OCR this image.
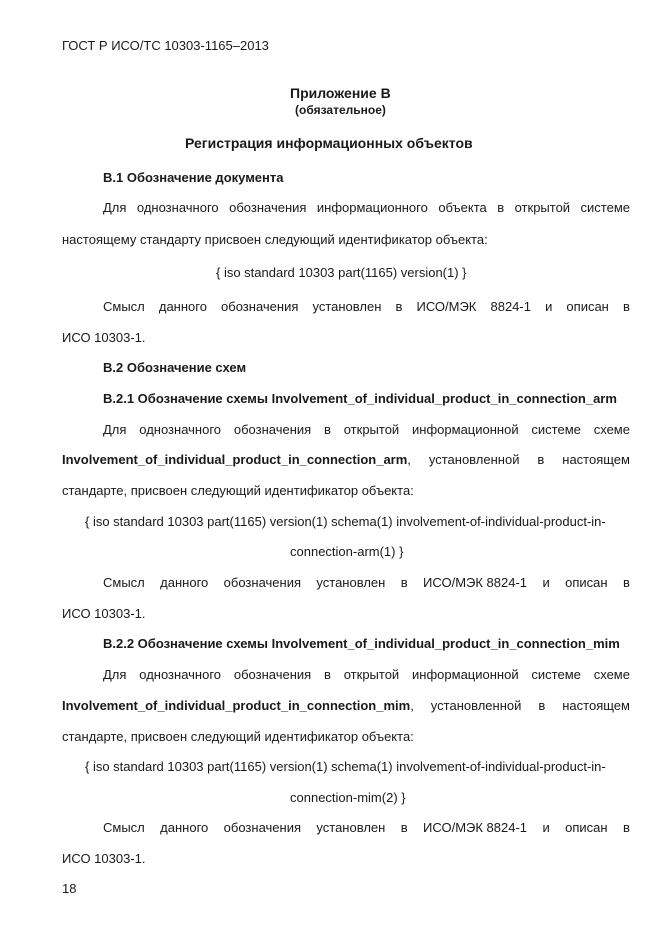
ГОСТ Р ИСО/ТС 10303-1165–2013
Приложение В
(обязательное)
Регистрация информационных объектов
В.1 Обозначение документа
Для однозначного обозначения информационного объекта в открытой системе
настоящему стандарту присвоен следующий идентификатор объекта:
{ iso standard 10303 part(1165) version(1) }
Смысл данного обозначения установлен в ИСО/МЭК 8824-1 и описан в
ИСО 10303-1.
В.2 Обозначение схем
В.2.1 Обозначение схемы Involvement_of_individual_product_in_connection_arm
Для однозначного обозначения в открытой информационной системе схеме
Involvement_of_individual_product_in_connection_arm, установленной в настоящем
стандарте, присвоен следующий идентификатор объекта:
{ iso standard 10303 part(1165) version(1) schema(1) involvement-of-individual-product-in-
connection-arm(1) }
Смысл данного обозначения установлен в ИСО/МЭК 8824-1 и описан в
ИСО 10303-1.
В.2.2 Обозначение схемы Involvement_of_individual_product_in_connection_mim
Для однозначного обозначения в открытой информационной системе схеме
Involvement_of_individual_product_in_connection_mim, установленной в настоящем
стандарте, присвоен следующий идентификатор объекта:
{ iso standard 10303 part(1165) version(1) schema(1) involvement-of-individual-product-in-
connection-mim(2) }
Смысл данного обозначения установлен в ИСО/МЭК 8824-1 и описан в
ИСО 10303-1.
18
